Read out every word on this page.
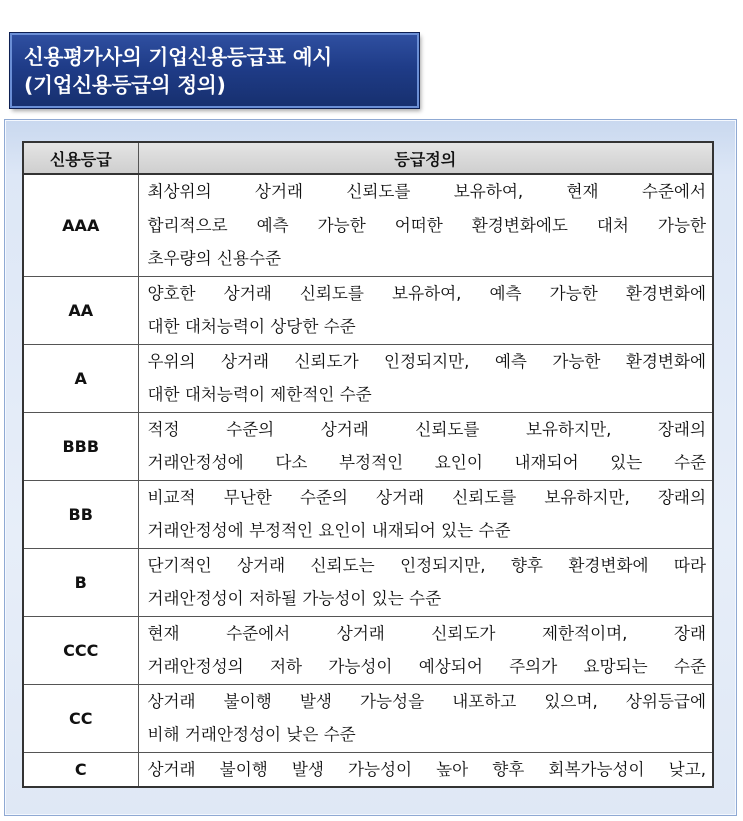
신용평가사의 기업신용등급표 예시
(기업신용등급의 정의)
신용등급	등급정의
AAA	최상위의 상거래 신뢰도를 보유하여, 현재 수준에서
합리적으로 예측 가능한 어떠한 환경변화에도 대처 가능한
초우량의 신용수준

AA	양호한 상거래 신뢰도를 보유하여, 예측 가능한 환경변화에
대한 대처능력이 상당한 수준

A	우위의 상거래 신뢰도가 인정되지만, 예측 가능한 환경변화에
대한 대처능력이 제한적인 수준

BBB	적정 수준의 상거래 신뢰도를 보유하지만, 장래의
거래안정성에 다소 부정적인 요인이 내재되어 있는 수준

BB	비교적 무난한 수준의 상거래 신뢰도를 보유하지만, 장래의
거래안정성에 부정적인 요인이 내재되어 있는 수준

B	단기적인 상거래 신뢰도는 인정되지만, 향후 환경변화에 따라
거래안정성이 저하될 가능성이 있는 수준

CCC	현재 수준에서 상거래 신뢰도가 제한적이며, 장래
거래안정성의 저하 가능성이 예상되어 주의가 요망되는 수준

CC	상거래 불이행 발생 가능성을 내포하고 있으며, 상위등급에
비해 거래안정성이 낮은 수준

C	상거래 불이행 발생 가능성이 높아 향후 회복가능성이 낮고,
